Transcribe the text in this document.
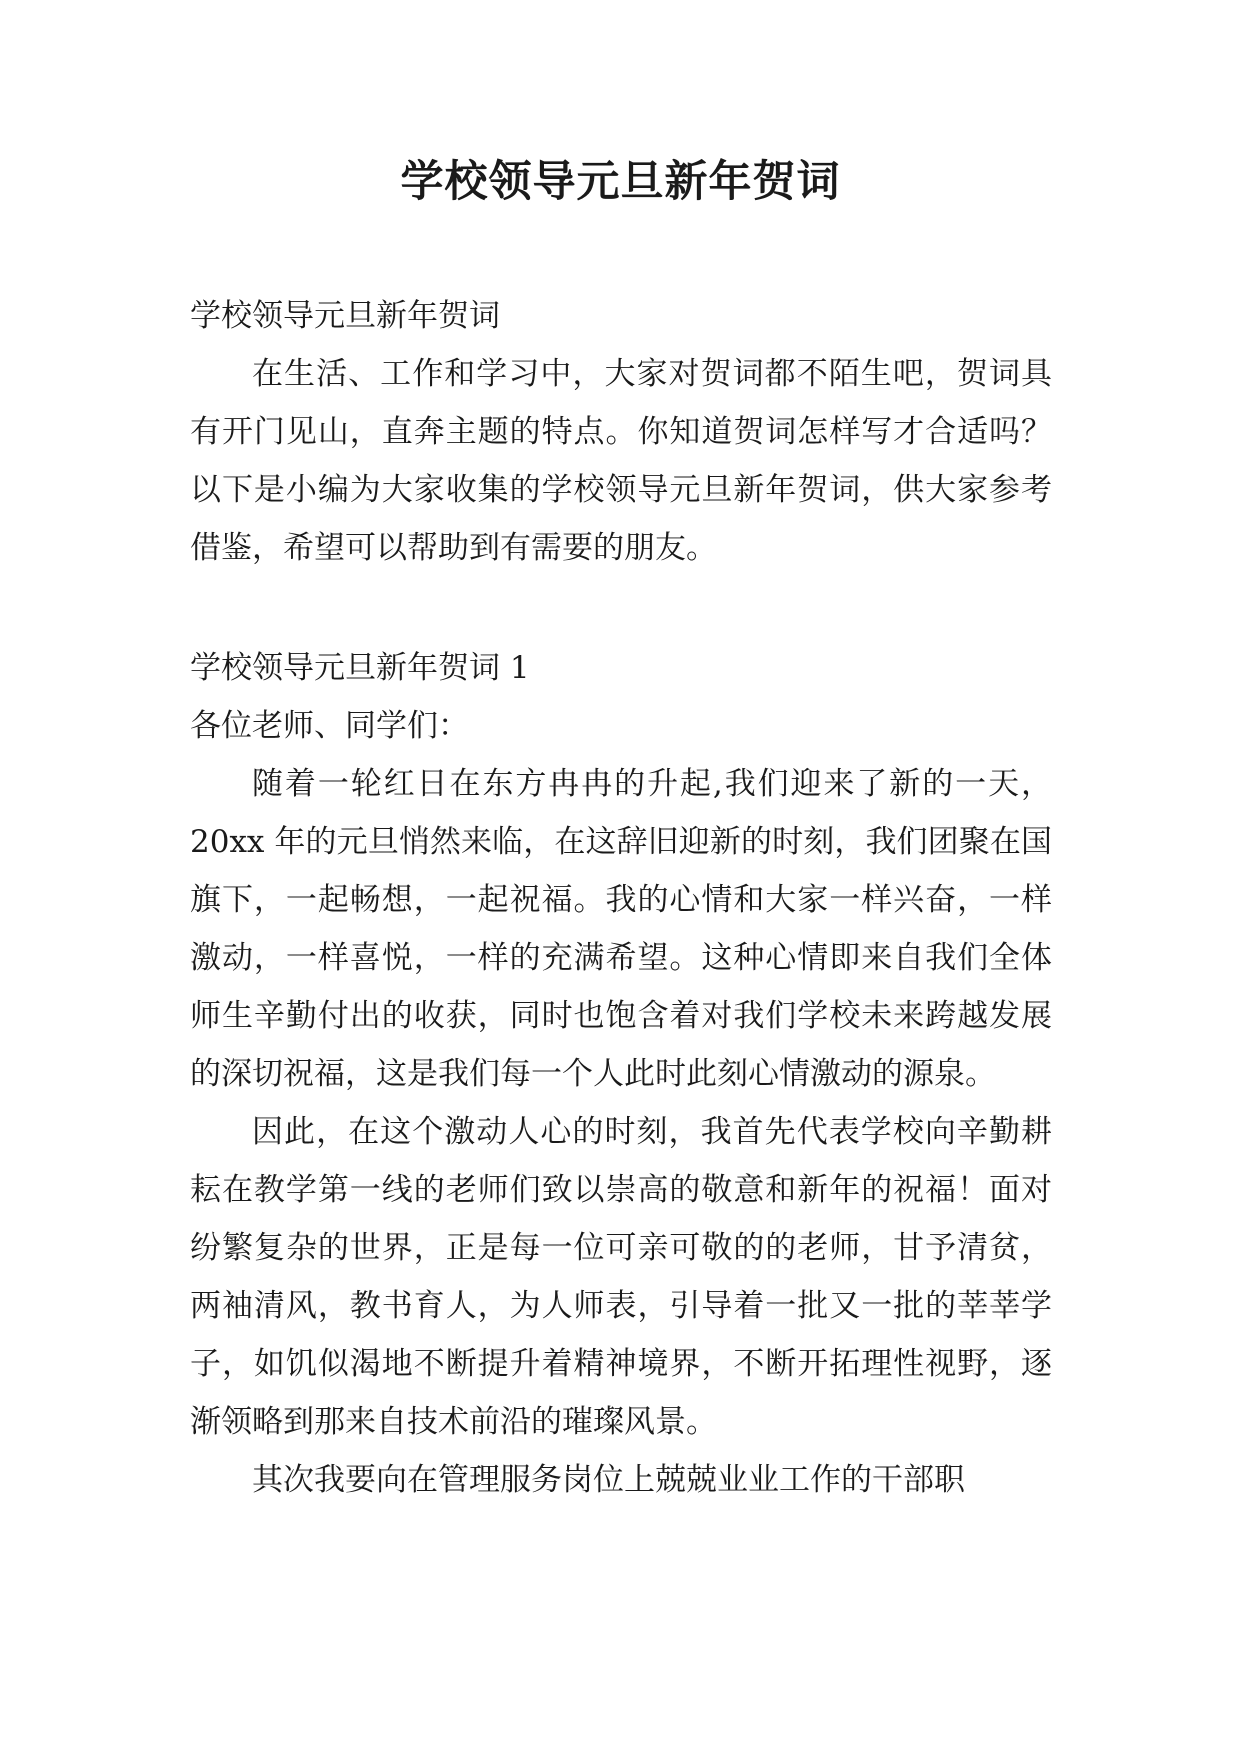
学校领导元旦新年贺词

学校领导元旦新年贺词

在生活、工作和学习中，大家对贺词都不陌生吧，贺词具有开门见山，直奔主题的特点。你知道贺词怎样写才合适吗？以下是小编为大家收集的学校领导元旦新年贺词，供大家参考借鉴，希望可以帮助到有需要的朋友。

学校领导元旦新年贺词 1

各位老师、同学们：

随着一轮红日在东方冉冉的升起,我们迎来了新的一天，20xx 年的元旦悄然来临，在这辞旧迎新的时刻，我们团聚在国旗下，一起畅想，一起祝福。我的心情和大家一样兴奋，一样激动，一样喜悦，一样的充满希望。这种心情即来自我们全体师生辛勤付出的收获，同时也饱含着对我们学校未来跨越发展的深切祝福，这是我们每一个人此时此刻心情激动的源泉。

因此，在这个激动人心的时刻，我首先代表学校向辛勤耕耘在教学第一线的老师们致以崇高的敬意和新年的祝福！面对纷繁复杂的世界，正是每一位可亲可敬的的老师，甘予清贫，两袖清风，教书育人，为人师表，引导着一批又一批的莘莘学子，如饥似渴地不断提升着精神境界，不断开拓理性视野，逐渐领略到那来自技术前沿的璀璨风景。

其次我要向在管理服务岗位上兢兢业业工作的干部职
